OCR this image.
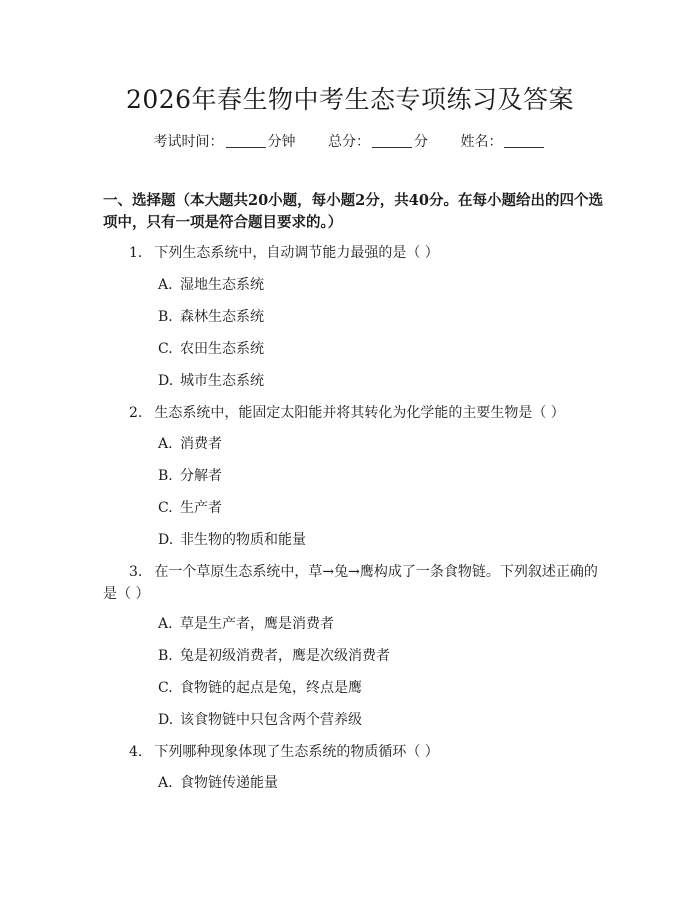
2026年春生物中考生态专项练习及答案
考试时间：	分钟 总分：	分 姓名：
一、选择题（本大题共20小题，每小题2分，共40分。在每小题给出的四个选项中，只有一项是符合题目要求的。）
1. 下列生态系统中，自动调节能力最强的是（ ）
A. 湿地生态系统
B. 森林生态系统
C. 农田生态系统
D. 城市生态系统
2. 生态系统中，能固定太阳能并将其转化为化学能的主要生物是（ ）
A. 消费者
B. 分解者
C. 生产者
D. 非生物的物质和能量
3. 在一个草原生态系统中，草→兔→鹰构成了一条食物链。下列叙述正确的是（ ）
A. 草是生产者，鹰是消费者
B. 兔是初级消费者，鹰是次级消费者
C. 食物链的起点是兔，终点是鹰
D. 该食物链中只包含两个营养级
4. 下列哪种现象体现了生态系统的物质循环（ ）
A. 食物链传递能量
